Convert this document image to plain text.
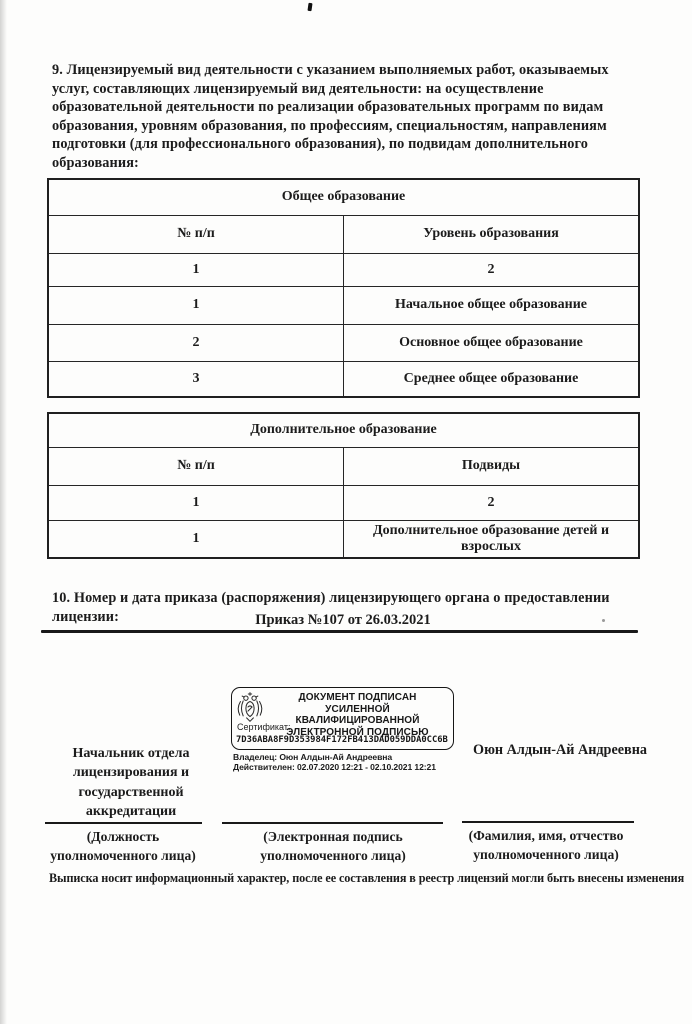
9. Лицензируемый вид деятельности с указанием выполняемых работ, оказываемых услуг, составляющих лицензируемый вид деятельности: на осуществление образовательной деятельности по реализации образовательных программ по видам образования, уровням образования, по профессиям, специальностям, направлениям подготовки (для профессионального образования), по подвидам дополнительного образования:
Общее образование	
№ п/п	Уровень образования
1	2
1	Начальное общее образование
2	Основное общее образование
3	Среднее общее образование
Дополнительное образование	
№ п/п	Подвиды
1	2
1	Дополнительное образование детей и взрослых
10. Номер и дата приказа (распоряжения) лицензирующего органа о предоставлении лицензии:	Приказ №107 от 26.03.2021
ДОКУМЕНТ ПОДПИСАН
УСИЛЕННОЙ КВАЛИФИЦИРОВАННОЙ
ЭЛЕКТРОННОЙ ПОДПИСЬЮ
Сертификат:
7D36ABA8F9D353984F172FB413DAD059DDA0CC6B
Владелец: Оюн Алдын-Ай Андреевна
Действителен: 02.07.2020 12:21 - 02.10.2021 12:21
Начальник отдела лицензирования и государственной аккредитации
Оюн Алдын-Ай Андреевна
(Должность
уполномоченного лица)
(Электронная подпись
уполномоченного лица)
(Фамилия, имя, отчество
уполномоченного лица)
Выписка носит информационный характер, после ее составления в реестр лицензий могли быть внесены изменения
